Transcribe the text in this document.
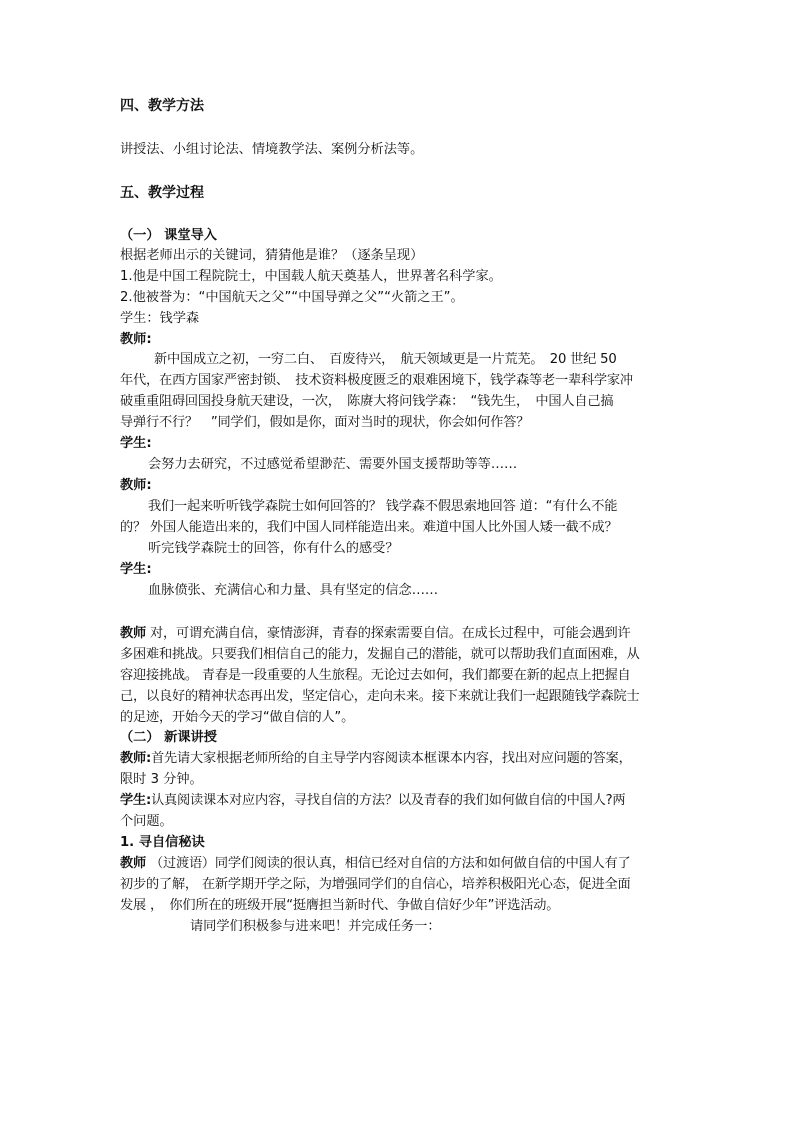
四、教学方法
讲授法、小组讨论法、情境教学法、案例分析法等。
五、教学过程
（一） 课堂导入
根据老师出示的关键词，猜猜他是谁？（逐条呈现）
1.他是中国工程院院士，中国载人航天奠基人，世界著名科学家。
2.他被誉为：“中国航天之父”“中国导弹之父”“火箭之王”。
学生：钱学森
教师:
新中国成立之初，一穷二白、　百废待兴，　航天领域更是一片荒芜。　20 世纪 50
年代，在西方国家严密封锁、　技术资料极度匮乏的艰难困境下，钱学森等老一辈科学家冲
破重重阻碍回国投身航天建设，一次，　陈赓大将问钱学森：　“钱先生，　中国人自己搞
导弹行不行？　”同学们，假如是你，面对当时的现状，你会如何作答？
学生:
会努力去研究，不过感觉希望渺茫、需要外国支援帮助等等……
教师:
我们一起来听听钱学森院士如何回答的？ 钱学森不假思索地回答 道：“有什么不能
的？ 外国人能造出来的，我们中国人同样能造出来。难道中国人比外国人矮一截不成？
听完钱学森院士的回答，你有什么的感受？
学生:
血脉偾张、充满信心和力量、具有坚定的信念……
教师 对，可谓充满自信，豪情澎湃，青春的探索需要自信。在成长过程中，可能会遇到许
多困难和挑战。只要我们相信自己的能力，发掘自己的潜能，就可以帮助我们直面困难，从
容迎接挑战。 青春是一段重要的人生旅程。无论过去如何，我们都要在新的起点上把握自
己，以良好的精神状态再出发，坚定信心，走向未来。接下来就让我们一起跟随钱学森院士
的足迹，开始今天的学习“做自信的人”。
（二） 新课讲授
教师:首先请大家根据老师所给的自主导学内容阅读本框课本内容，找出对应问题的答案，
限时 3 分钟。
学生:认真阅读课本对应内容，寻找自信的方法？以及青春的我们如何做自信的中国人?两
个问题。
1. 寻自信秘诀
教师 （过渡语）同学们阅读的很认真，相信已经对自信的方法和如何做自信的中国人有了
初步的了解， 在新学期开学之际，为增强同学们的自信心，培养积极阳光心态，促进全面
发展 ，　你们所在的班级开展“挺膺担当新时代、争做自信好少年”评选活动。
请同学们积极参与进来吧！并完成任务一：
